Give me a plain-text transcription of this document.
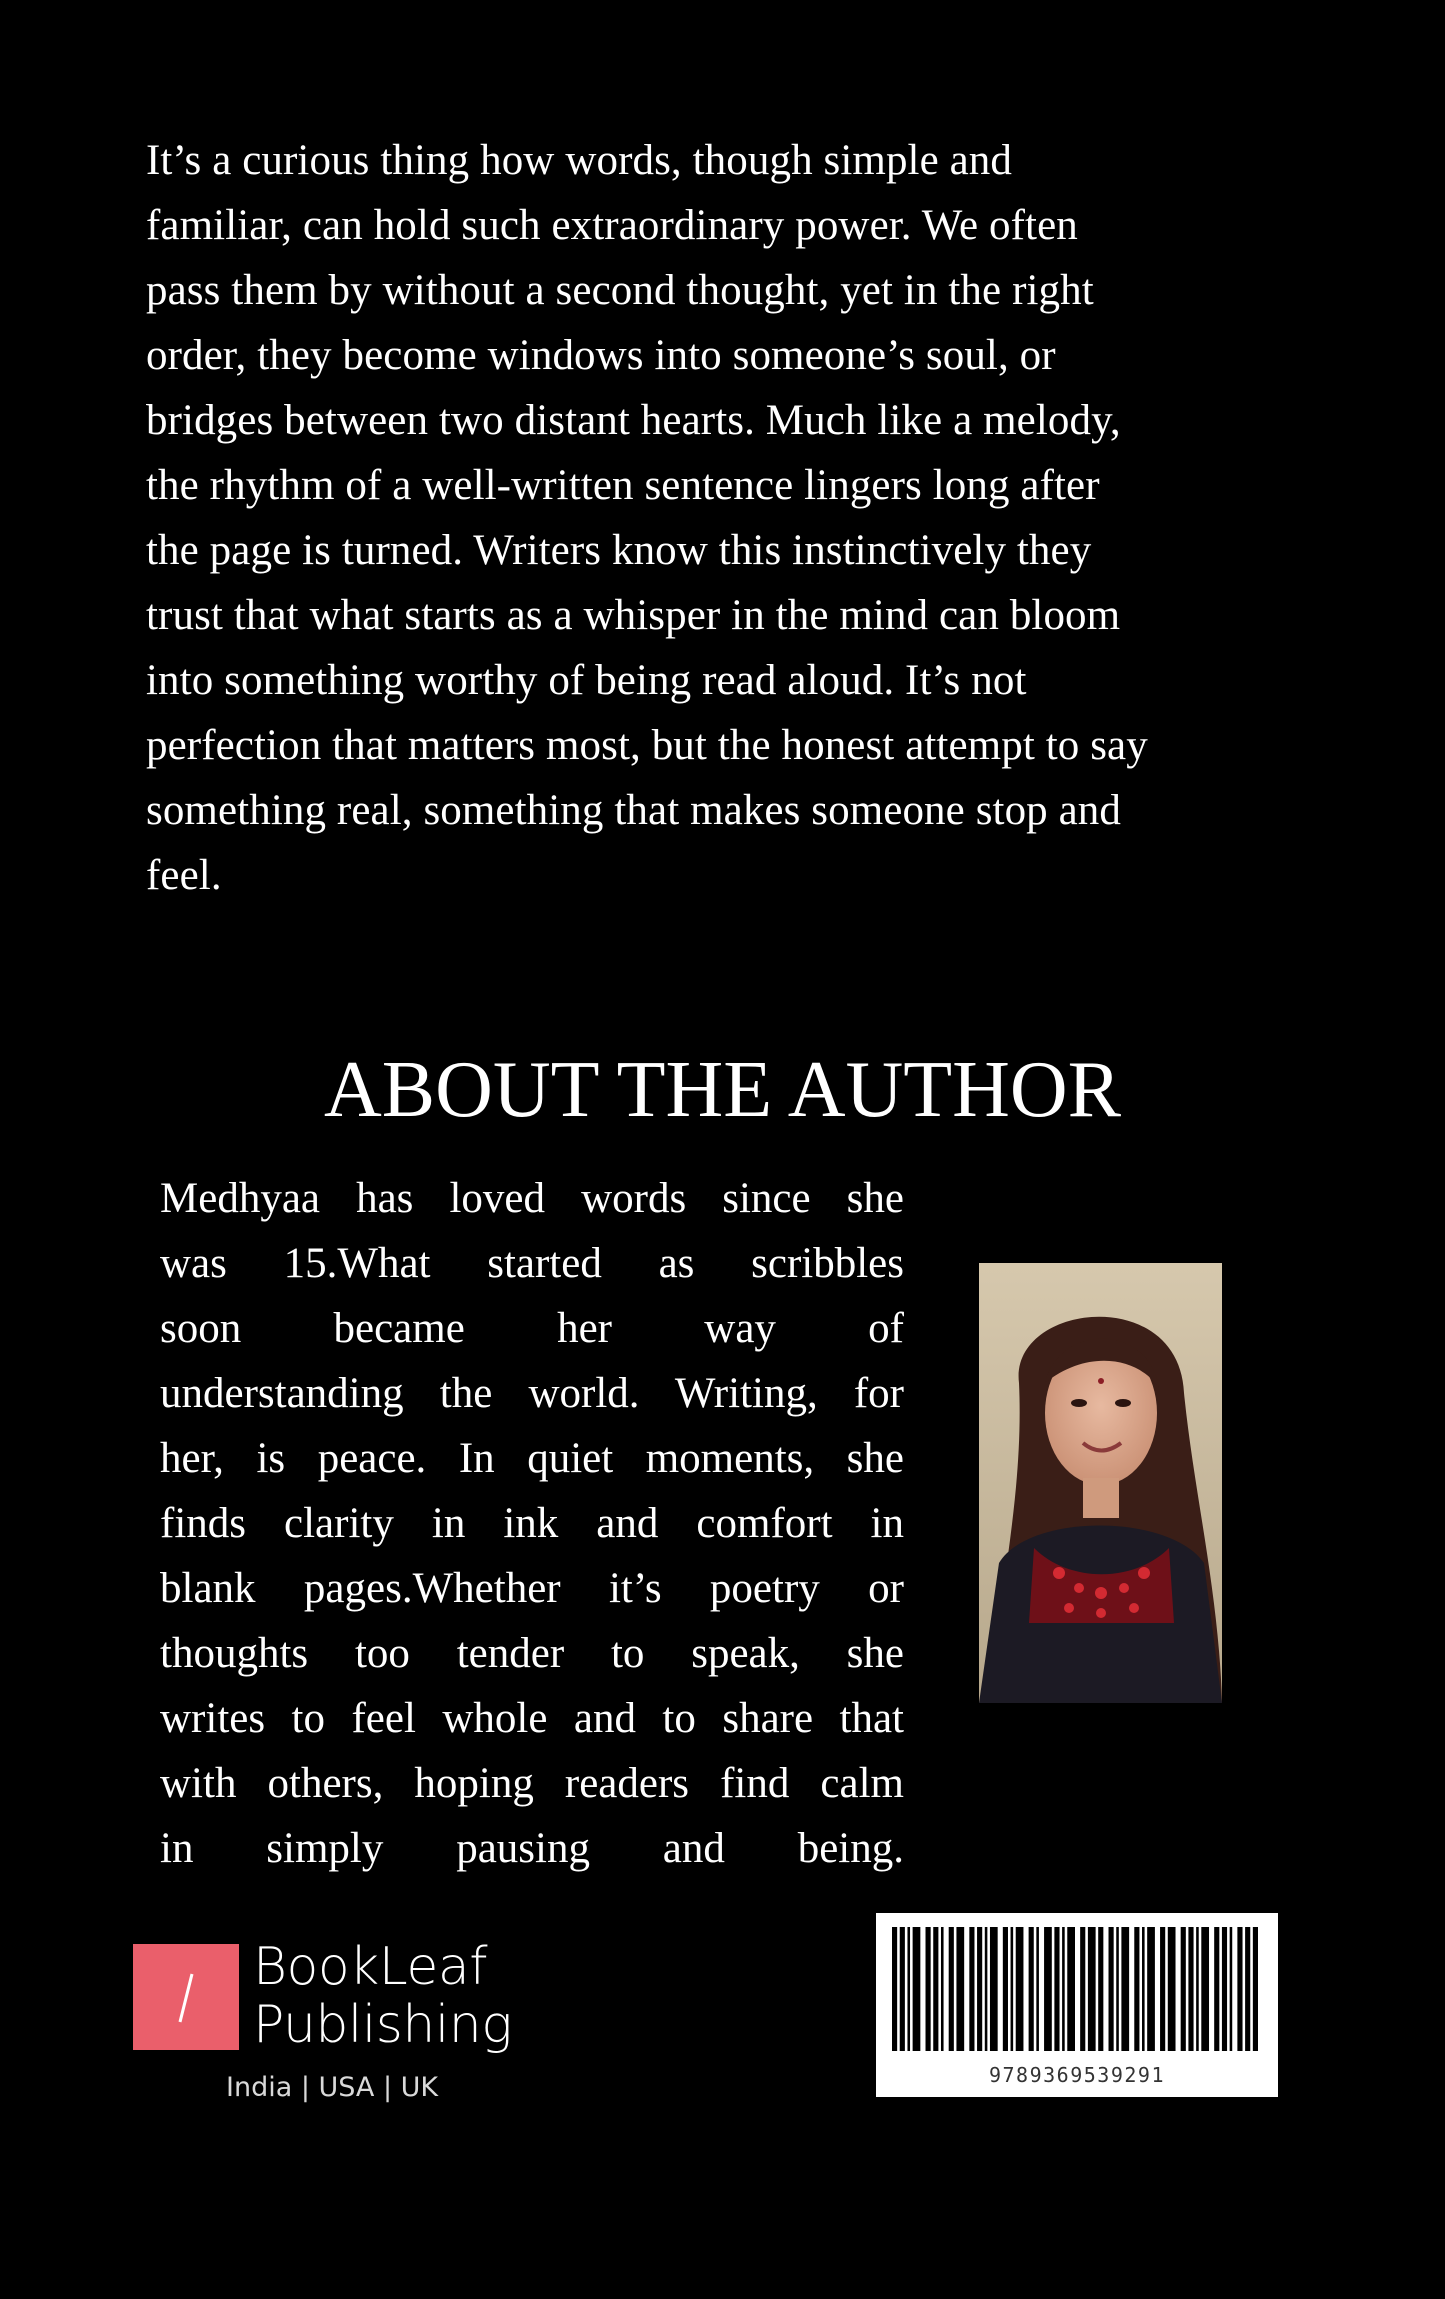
It’s a curious thing how words, though simple and
familiar, can hold such extraordinary power. We often
pass them by without a second thought, yet in the right
order, they become windows into someone’s soul, or
bridges between two distant hearts. Much like a melody,
the rhythm of a well-written sentence lingers long after
the page is turned. Writers know this instinctively they
trust that what starts as a whisper in the mind can bloom
into something worthy of being read aloud. It’s not
perfection that matters most, but the honest attempt to say
something real, something that makes someone stop and
feel.
ABOUT THE AUTHOR
Medhyaa has loved words since she
was 15.What started as scribbles
soon became her way of
understanding the world. Writing, for
her, is peace. In quiet moments, she
finds clarity in ink and comfort in
blank pages.Whether it’s poetry or
thoughts too tender to speak, she
writes to feel whole and to share that
with others, hoping readers find calm
in simply pausing and being.
BookLeaf
Publishing
India | USA | UK	9789369539291
